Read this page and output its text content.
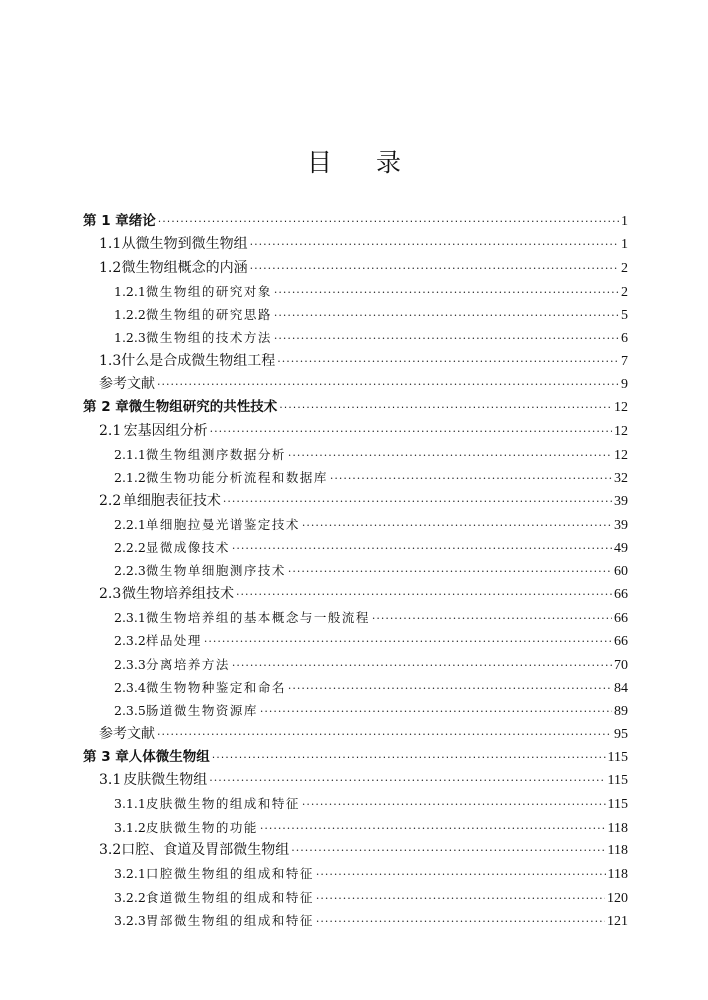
目 录
第 1 章 绪论 ·····	1
1.1 从微生物到微生物组 ·····	1
1.2 微生物组概念的内涵 ·····	2
1.2.1 微生物组的研究对象 ·····	2
1.2.2 微生物组的研究思路 ·····	5
1.2.3 微生物组的技术方法 ·····	6
1.3 什么是合成微生物组工程 ·····	7
参考文献 ·····	9
第 2 章 微生物组研究的共性技术 ·····	12
2.1 宏基因组分析 ·····	12
2.1.1 微生物组测序数据分析 ·····	12
2.1.2 微生物功能分析流程和数据库 ·····	32
2.2 单细胞表征技术 ·····	39
2.2.1 单细胞拉曼光谱鉴定技术 ·····	39
2.2.2 显微成像技术 ·····	49
2.2.3 微生物单细胞测序技术 ·····	60
2.3 微生物培养组技术 ·····	66
2.3.1 微生物培养组的基本概念与一般流程 ·····	66
2.3.2 样品处理 ·····	66
2.3.3 分离培养方法 ·····	70
2.3.4 微生物物种鉴定和命名 ·····	84
2.3.5 肠道微生物资源库 ·····	89
参考文献 ·····	95
第 3 章 人体微生物组 ·····	115
3.1 皮肤微生物组 ·····	115
3.1.1 皮肤微生物的组成和特征 ·····	115
3.1.2 皮肤微生物的功能 ·····	118
3.2 口腔、食道及胃部微生物组 ·····	118
3.2.1 口腔微生物组的组成和特征 ·····	118
3.2.2 食道微生物组的组成和特征 ·····	120
3.2.3 胃部微生物组的组成和特征 ·····	121
